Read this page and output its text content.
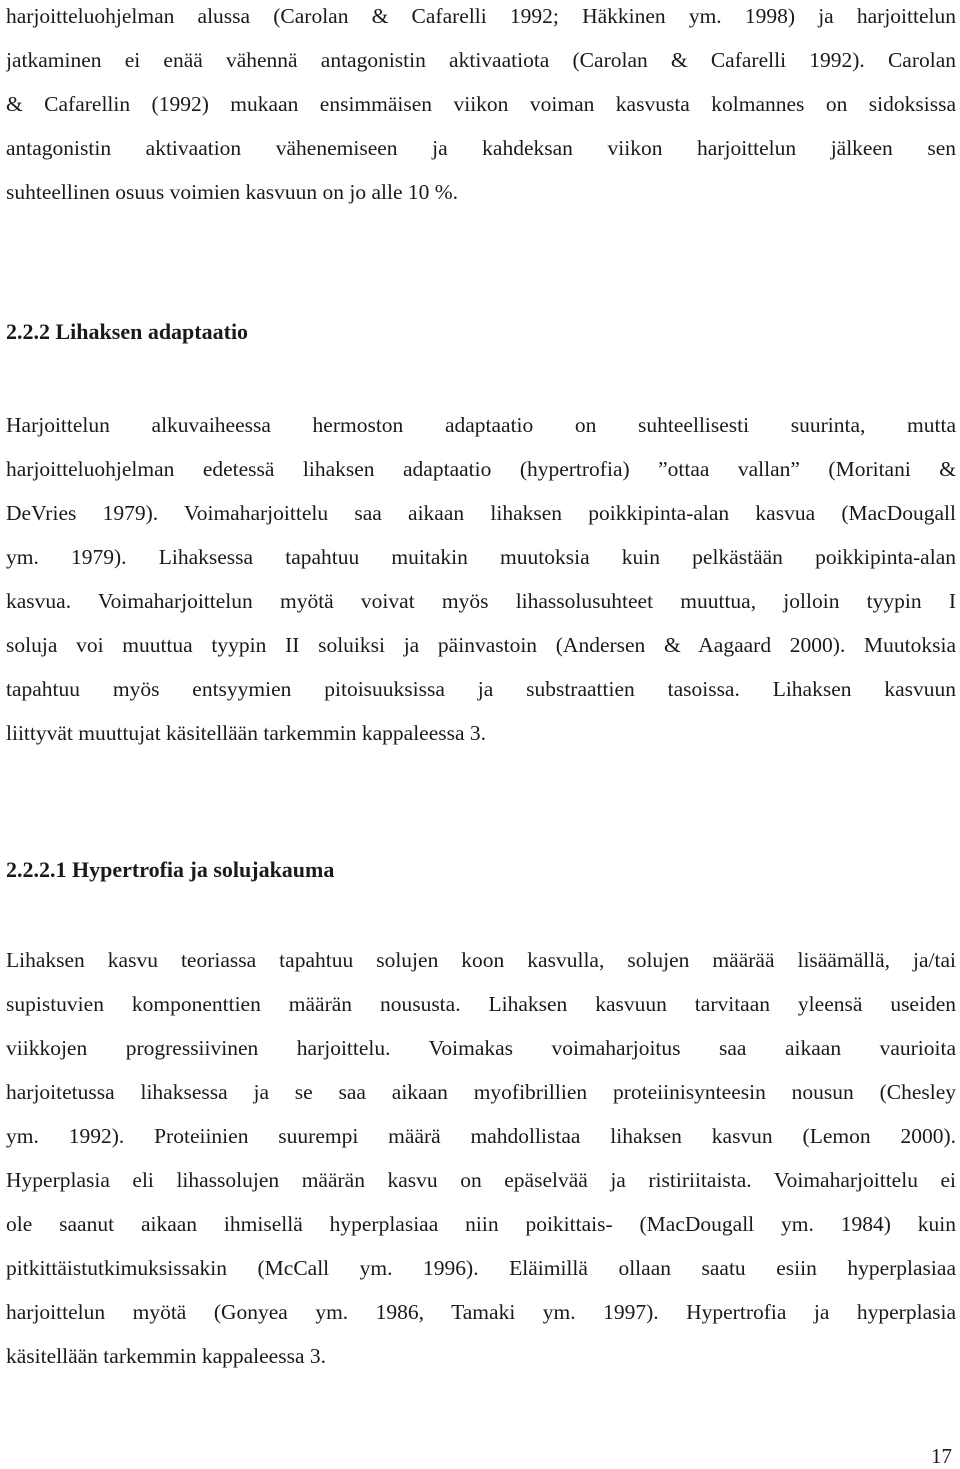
harjoitteluohjelman alussa (Carolan & Cafarelli 1992; Häkkinen ym. 1998) ja harjoittelun
jatkaminen ei enää vähennä antagonistin aktivaatiota (Carolan & Cafarelli 1992). Carolan
& Cafarellin (1992) mukaan ensimmäisen viikon voiman kasvusta kolmannes on sidoksissa
antagonistin aktivaation vähenemiseen ja kahdeksan viikon harjoittelun jälkeen sen
suhteellinen osuus voimien kasvuun on jo alle 10 %.
2.2.2 Lihaksen adaptaatio
Harjoittelun alkuvaiheessa hermoston adaptaatio on suhteellisesti suurinta, mutta
harjoitteluohjelman edetessä lihaksen adaptaatio (hypertrofia) ”ottaa vallan” (Moritani &
DeVries 1979). Voimaharjoittelu saa aikaan lihaksen poikkipinta-alan kasvua (MacDougall
ym. 1979). Lihaksessa tapahtuu muitakin muutoksia kuin pelkästään poikkipinta-alan
kasvua. Voimaharjoittelun myötä voivat myös lihassolusuhteet muuttua, jolloin tyypin I
soluja voi muuttua tyypin II soluiksi ja päinvastoin (Andersen & Aagaard 2000). Muutoksia
tapahtuu myös entsyymien pitoisuuksissa ja substraattien tasoissa. Lihaksen kasvuun
liittyvät muuttujat käsitellään tarkemmin kappaleessa 3.
2.2.2.1 Hypertrofia ja solujakauma
Lihaksen kasvu teoriassa tapahtuu solujen koon kasvulla, solujen määrää lisäämällä, ja/tai
supistuvien komponenttien määrän noususta. Lihaksen kasvuun tarvitaan yleensä useiden
viikkojen progressiivinen harjoittelu. Voimakas voimaharjoitus saa aikaan vaurioita
harjoitetussa lihaksessa ja se saa aikaan myofibrillien proteiinisynteesin nousun (Chesley
ym. 1992). Proteiinien suurempi määrä mahdollistaa lihaksen kasvun (Lemon 2000).
Hyperplasia eli lihassolujen määrän kasvu on epäselvää ja ristiriitaista. Voimaharjoittelu ei
ole saanut aikaan ihmisellä hyperplasiaa niin poikittais- (MacDougall ym. 1984) kuin
pitkittäistutkimuksissakin (McCall ym. 1996). Eläimillä ollaan saatu esiin hyperplasiaa
harjoittelun myötä (Gonyea ym. 1986, Tamaki ym. 1997). Hypertrofia ja hyperplasia
käsitellään tarkemmin kappaleessa 3.
17
